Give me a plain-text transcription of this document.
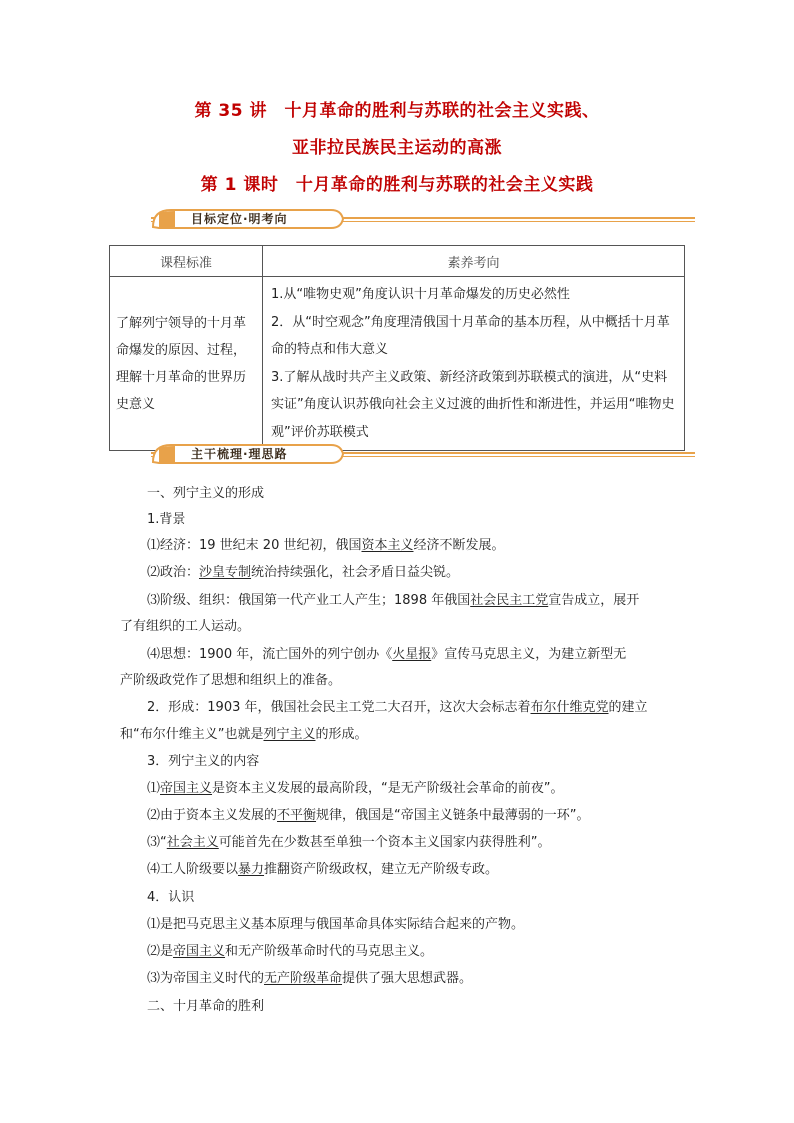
第 35 讲　十月革命的胜利与苏联的社会主义实践、
亚非拉民族民主运动的高涨
第 1 课时　十月革命的胜利与苏联的社会主义实践
目标定位·明考向
课程标准	素养考向
了解列宁领导的十月革命爆发的原因、过程，理解十月革命的世界历史意义	1.从“唯物史观”角度认识十月革命爆发的历史必然性
2．从“时空观念”角度理清俄国十月革命的基本历程，从中概括十月革命的特点和伟大意义
3.了解从战时共产主义政策、新经济政策到苏联模式的演进，从“史料实证”角度认识苏俄向社会主义过渡的曲折性和渐进性，并运用“唯物史观”评价苏联模式
主干梳理·理思路
一、列宁主义的形成
1.背景
⑴经济：19 世纪末 20 世纪初，俄国资本主义经济不断发展。
⑵政治：沙皇专制统治持续强化，社会矛盾日益尖锐。
⑶阶级、组织：俄国第一代产业工人产生；1898 年俄国社会民主工党宣告成立，展开
了有组织的工人运动。
⑷思想：1900 年，流亡国外的列宁创办《火星报》宣传马克思主义，为建立新型无
产阶级政党作了思想和组织上的准备。
2．形成：1903 年，俄国社会民主工党二大召开，这次大会标志着布尔什维克党的建立
和“布尔什维主义”也就是列宁主义的形成。
3．列宁主义的内容
⑴帝国主义是资本主义发展的最高阶段，“是无产阶级社会革命的前夜”。
⑵由于资本主义发展的不平衡规律，俄国是“帝国主义链条中最薄弱的一环”。
⑶“社会主义可能首先在少数甚至单独一个资本主义国家内获得胜利”。
⑷工人阶级要以暴力推翻资产阶级政权，建立无产阶级专政。
4．认识
⑴是把马克思主义基本原理与俄国革命具体实际结合起来的产物。
⑵是帝国主义和无产阶级革命时代的马克思主义。
⑶为帝国主义时代的无产阶级革命提供了强大思想武器。
二、十月革命的胜利
